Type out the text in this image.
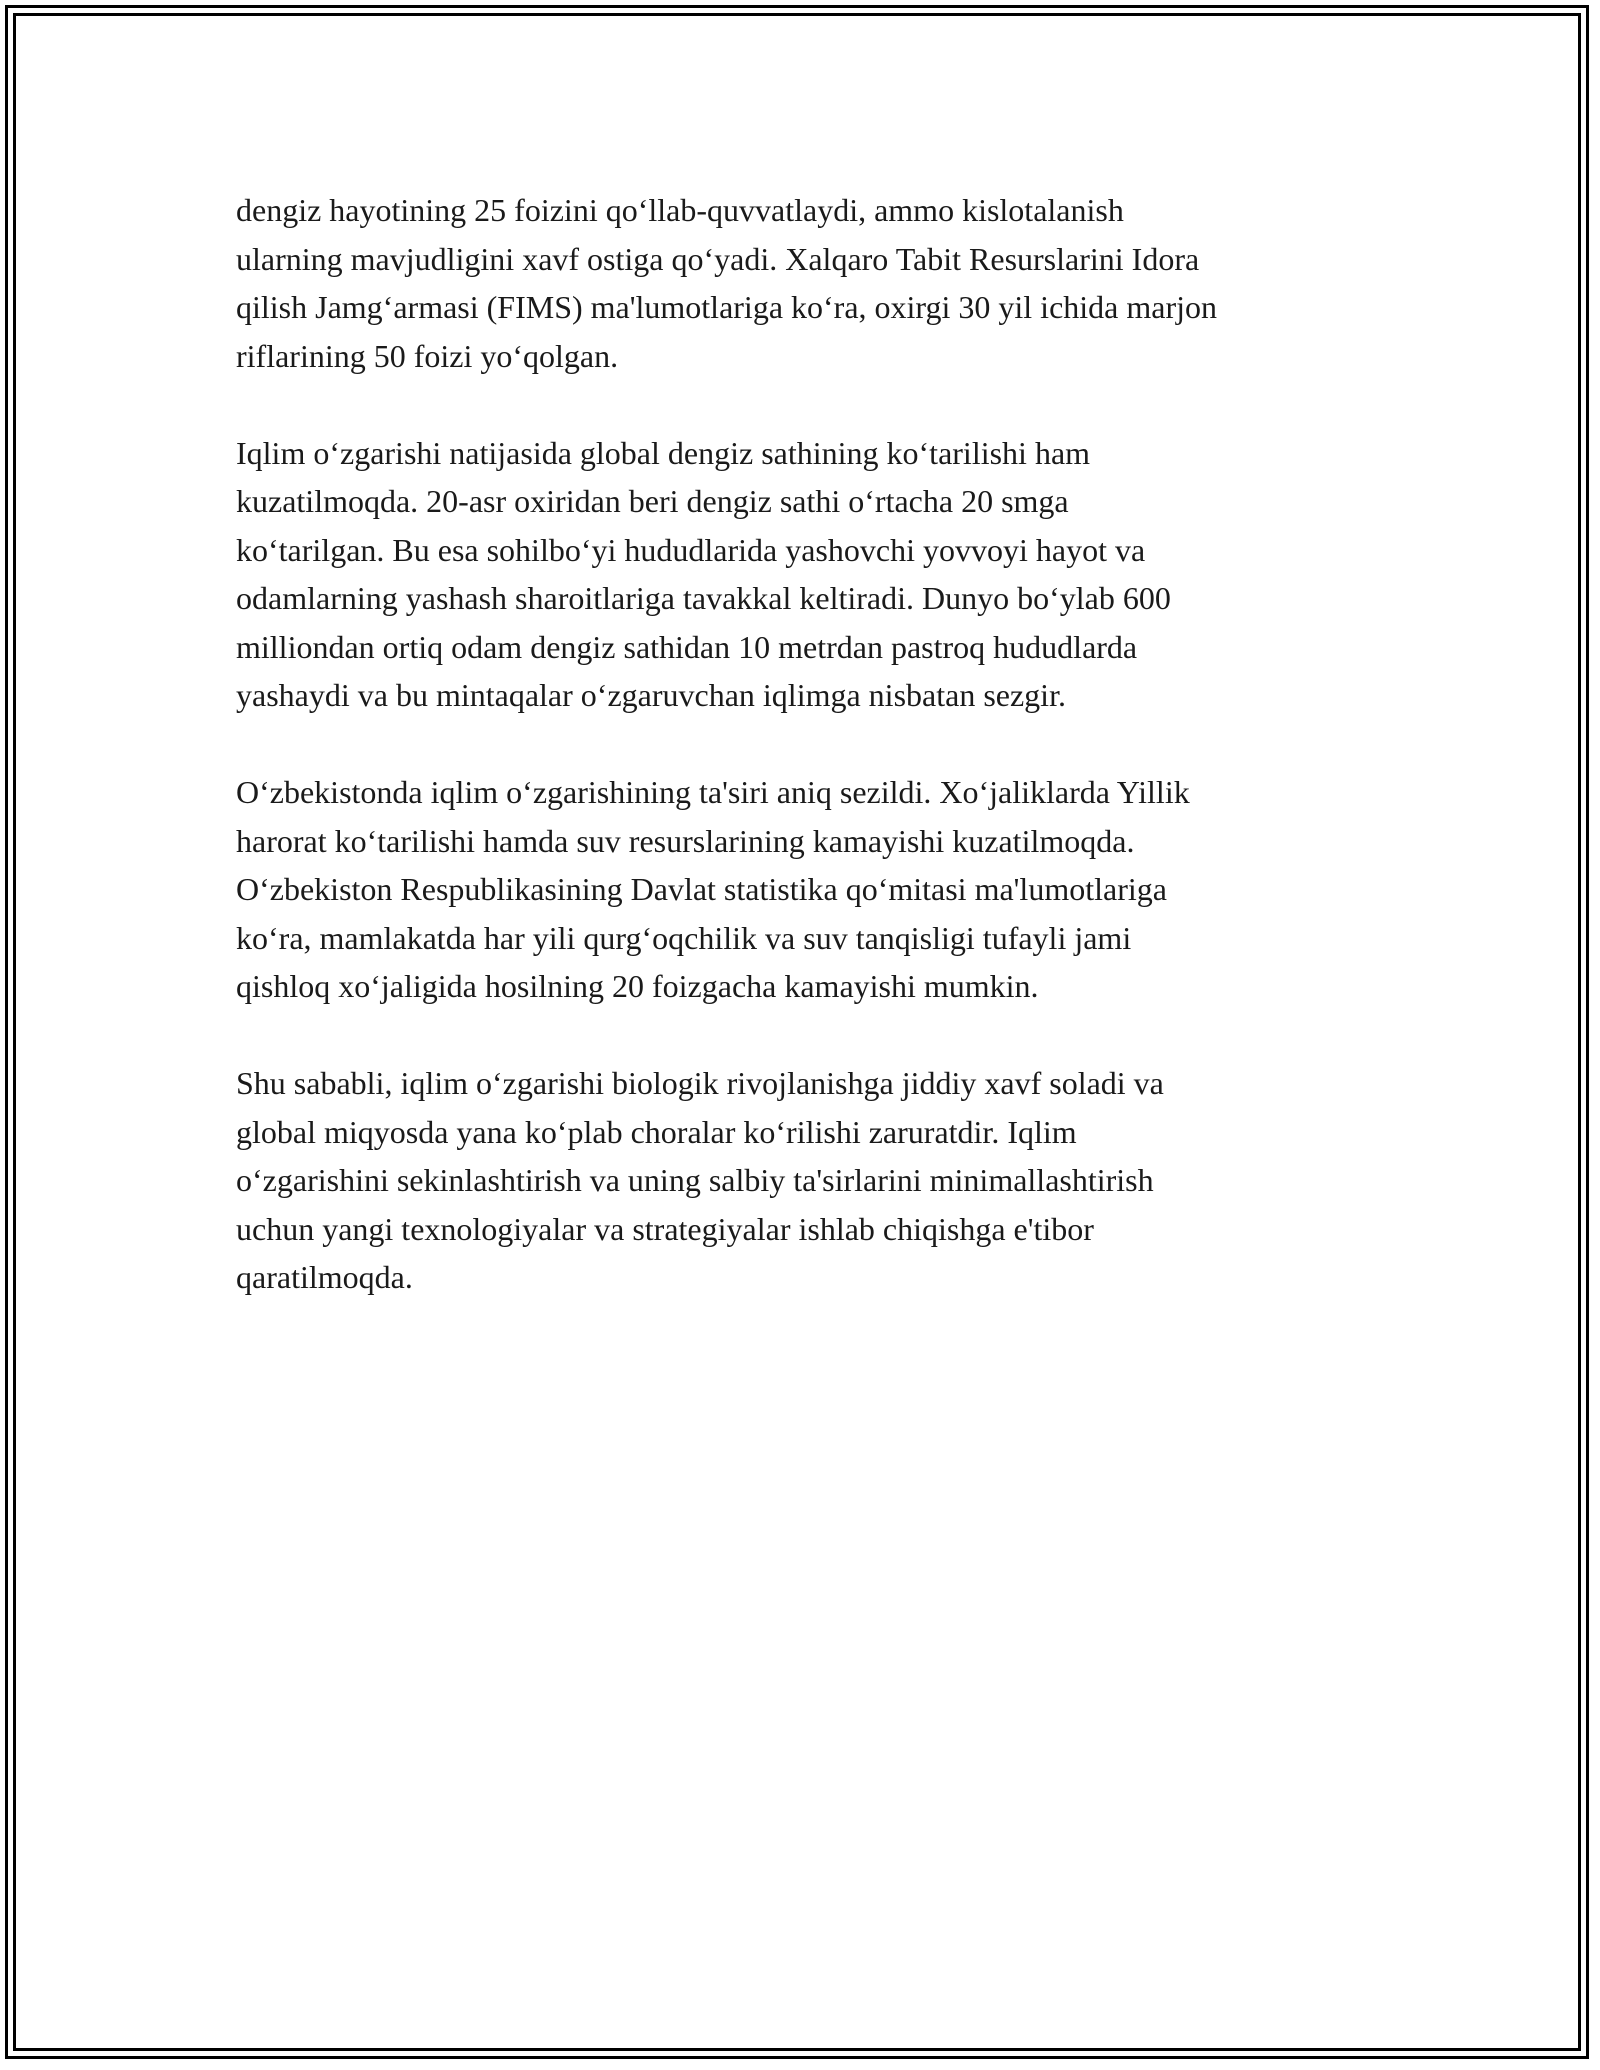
dengiz hayotining 25 foizini qo‘llab-quvvatlaydi, ammo kislotalanish
ularning mavjudligini xavf ostiga qo‘yadi. Xalqaro Tabit Resurslarini Idora
qilish Jamg‘armasi (FIMS) ma'lumotlariga ko‘ra, oxirgi 30 yil ichida marjon
riflarining 50 foizi yo‘qolgan.

Iqlim o‘zgarishi natijasida global dengiz sathining ko‘tarilishi ham
kuzatilmoqda. 20-asr oxiridan beri dengiz sathi o‘rtacha 20 smga
ko‘tarilgan. Bu esa sohilbo‘yi hududlarida yashovchi yovvoyi hayot va
odamlarning yashash sharoitlariga tavakkal keltiradi. Dunyo bo‘ylab 600
milliondan ortiq odam dengiz sathidan 10 metrdan pastroq hududlarda
yashaydi va bu mintaqalar o‘zgaruvchan iqlimga nisbatan sezgir.

O‘zbekistonda iqlim o‘zgarishining ta'siri aniq sezildi. Xo‘jaliklarda Yillik
harorat ko‘tarilishi hamda suv resurslarining kamayishi kuzatilmoqda.
O‘zbekiston Respublikasining Davlat statistika qo‘mitasi ma'lumotlariga
ko‘ra, mamlakatda har yili qurg‘oqchilik va suv tanqisligi tufayli jami
qishloq xo‘jaligida hosilning 20 foizgacha kamayishi mumkin.

Shu sababli, iqlim o‘zgarishi biologik rivojlanishga jiddiy xavf soladi va
global miqyosda yana ko‘plab choralar ko‘rilishi zaruratdir. Iqlim
o‘zgarishini sekinlashtirish va uning salbiy ta'sirlarini minimallashtirish
uchun yangi texnologiyalar va strategiyalar ishlab chiqishga e'tibor
qaratilmoqda.
